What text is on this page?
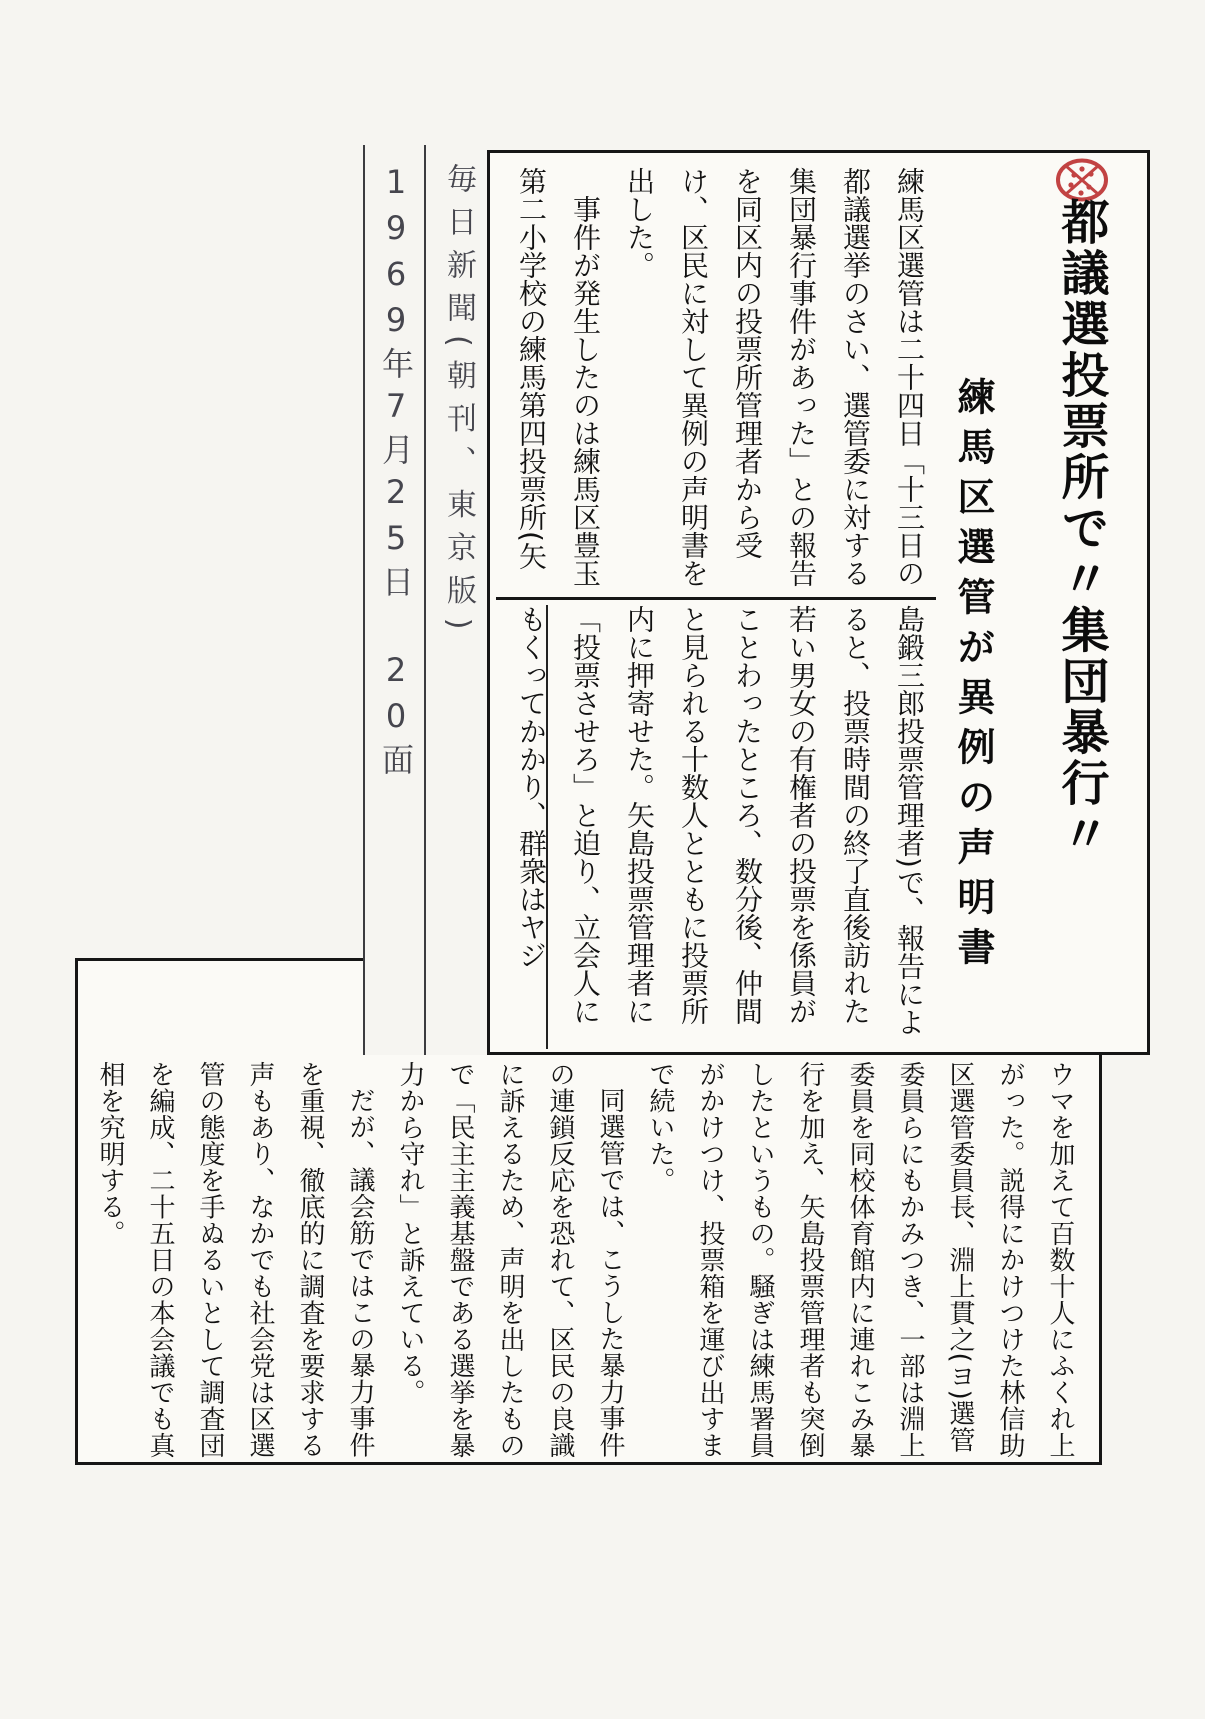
ウマを加えて百数十人にふくれ上がった。説得にかけつけた林信助区選管委員長、淵上貫之(ヨ)選管委員らにもかみつき、一部は淵上委員を同校体育館内に連れこみ暴行を加え、矢島投票管理者も突倒したというもの。騒ぎは練馬署員がかけつけ、投票箱を運び出すまで続いた。

同選管では、こうした暴力事件の連鎖反応を恐れて、区民の良識に訴えるため、声明を出したもので「民主主義基盤である選挙を暴力から守れ」と訴えている。

だが、議会筋ではこの暴力事件を重視、徹底的に調査を要求する声もあり、なかでも社会党は区選管の態度を手ぬるいとして調査団を編成、二十五日の本会議でも真相を究明する。

毎日新聞(朝刊、東京版)
1969年7月25日 20面	都議選投票所で〃集団暴行〃
練馬区選管が異例の声明書

練馬区選管は二十四日「十三日の都議選挙のさい、選管委に対する集団暴行事件があった」との報告を同区内の投票所管理者から受け、区民に対して異例の声明書を出した。

事件が発生したのは練馬区豊玉第二小学校の練馬第四投票所(矢

島鍛三郎投票管理者)で、報告によると、投票時間の終了直後訪れた若い男女の有権者の投票を係員がことわったところ、数分後、仲間と見られる十数人とともに投票所内に押寄せた。矢島投票管理者に「投票させろ」と迫り、立会人にもくってかかり、群衆はヤジ
